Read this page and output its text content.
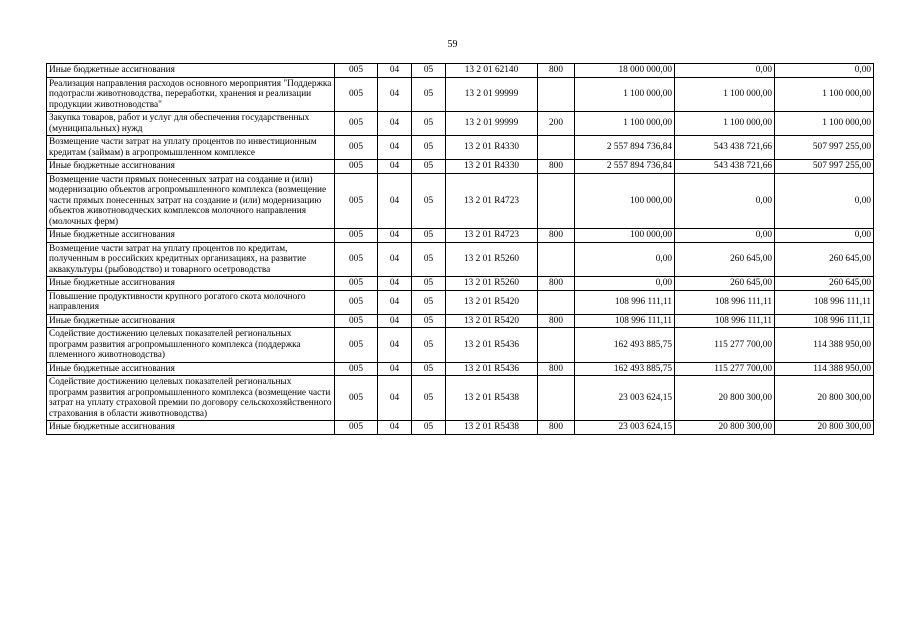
59
Иные бюджетные ассигнования	005	04	05	13 2 01 62140	800	18 000 000,00	0,00	0,00
Реализация направления расходов основного мероприятия "Поддержка подотрасли животноводства, переработки, хранения и реализации продукции животноводства"	005	04	05	13 2 01 99999		1 100 000,00	1 100 000,00	1 100 000,00
Закупка товаров, работ и услуг для обеспечения государственных (муниципальных) нужд	005	04	05	13 2 01 99999	200	1 100 000,00	1 100 000,00	1 100 000,00
Возмещение части затрат на уплату процентов по инвестиционным кредитам (займам) в агропромышленном комплексе	005	04	05	13 2 01 R4330		2 557 894 736,84	543 438 721,66	507 997 255,00
Иные бюджетные ассигнования	005	04	05	13 2 01 R4330	800	2 557 894 736,84	543 438 721,66	507 997 255,00
Возмещение части прямых понесенных затрат на создание и (или) модернизацию объектов агропромышленного комплекса (возмещение части прямых понесенных затрат на создание и (или) модернизацию объектов животноводческих комплексов молочного направления (молочных ферм)	005	04	05	13 2 01 R4723		100 000,00	0,00	0,00
Иные бюджетные ассигнования	005	04	05	13 2 01 R4723	800	100 000,00	0,00	0,00
Возмещение части затрат на уплату процентов по кредитам, полученным в российских кредитных организациях, на развитие аквакультуры (рыбоводство) и товарного осетроводства	005	04	05	13 2 01 R5260		0,00	260 645,00	260 645,00
Иные бюджетные ассигнования	005	04	05	13 2 01 R5260	800	0,00	260 645,00	260 645,00
Повышение продуктивности крупного рогатого скота молочного направления	005	04	05	13 2 01 R5420		108 996 111,11	108 996 111,11	108 996 111,11
Иные бюджетные ассигнования	005	04	05	13 2 01 R5420	800	108 996 111,11	108 996 111,11	108 996 111,11
Содействие достижению целевых показателей региональных программ развития агропромышленного комплекса (поддержка племенного животноводства)	005	04	05	13 2 01 R5436		162 493 885,75	115 277 700,00	114 388 950,00
Иные бюджетные ассигнования	005	04	05	13 2 01 R5436	800	162 493 885,75	115 277 700,00	114 388 950,00
Содействие достижению целевых показателей региональных программ развития агропромышленного комплекса (возмещение части затрат на уплату страховой премии по договору сельскохозяйственного страхования в области животноводства)	005	04	05	13 2 01 R5438		23 003 624,15	20 800 300,00	20 800 300,00
Иные бюджетные ассигнования	005	04	05	13 2 01 R5438	800	23 003 624,15	20 800 300,00	20 800 300,00
